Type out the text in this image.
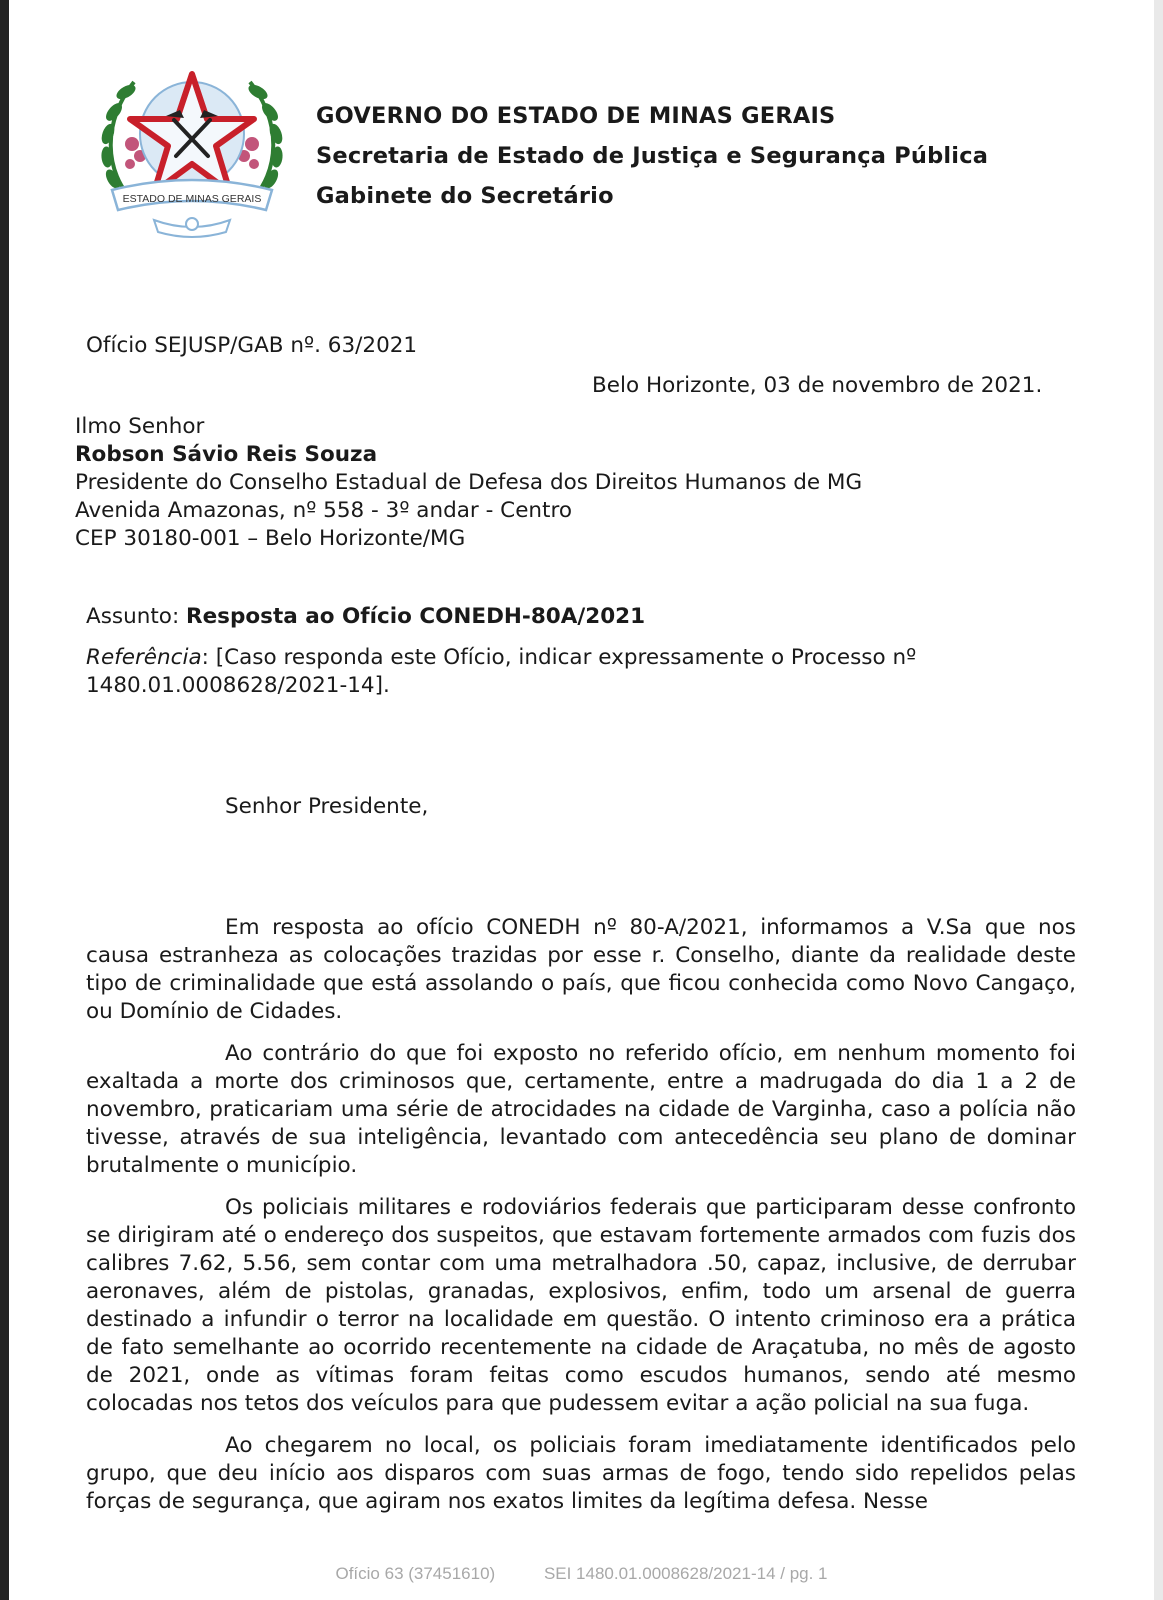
ESTADO DE MINAS GERAIS
GOVERNO DO ESTADO DE MINAS GERAIS
Secretaria de Estado de Justiça e Segurança Pública
Gabinete do Secretário
Ofício SEJUSP/GAB nº. 63/2021
Belo Horizonte, 03 de novembro de 2021.
Ilmo Senhor
Robson Sávio Reis Souza
Presidente do Conselho Estadual de Defesa dos Direitos Humanos de MG
Avenida Amazonas, nº 558 - 3º andar - Centro
CEP 30180-001 – Belo Horizonte/MG
Assunto: Resposta ao Ofício CONEDH-80A/2021
Referência: [Caso responda este Ofício, indicar expressamente o Processo nº 1480.01.0008628/2021-14].
Senhor Presidente,

Em resposta ao ofício CONEDH nº 80-A/2021, informamos a V.Sa que nos causa estranheza as colocações trazidas por esse r. Conselho, diante da realidade deste tipo de criminalidade que está assolando o país, que ficou conhecida como Novo Cangaço, ou Domínio de Cidades.

Ao contrário do que foi exposto no referido ofício, em nenhum momento foi exaltada a morte dos criminosos que, certamente, entre a madrugada do dia 1 a 2 de novembro, praticariam uma série de atrocidades na cidade de Varginha, caso a polícia não tivesse, através de sua inteligência, levantado com antecedência seu plano de dominar brutalmente o município.

Os policiais militares e rodoviários federais que participaram desse confronto se dirigiram até o endereço dos suspeitos, que estavam fortemente armados com fuzis dos calibres 7.62, 5.56, sem contar com uma metralhadora .50, capaz, inclusive, de derrubar aeronaves, além de pistolas, granadas, explosivos, enfim, todo um arsenal de guerra destinado a infundir o terror na localidade em questão. O intento criminoso era a prática de fato semelhante ao ocorrido recentemente na cidade de Araçatuba, no mês de agosto de 2021, onde as vítimas foram feitas como escudos humanos, sendo até mesmo colocadas nos tetos dos veículos para que pudessem evitar a ação policial na sua fuga.

Ao chegarem no local, os policiais foram imediatamente identificados pelo grupo, que deu início aos disparos com suas armas de fogo, tendo sido repelidos pelas forças de segurança, que agiram nos exatos limites da legítima defesa. Nesse

Ofício 63 (37451610)	SEI 1480.01.0008628/2021-14 / pg. 1
